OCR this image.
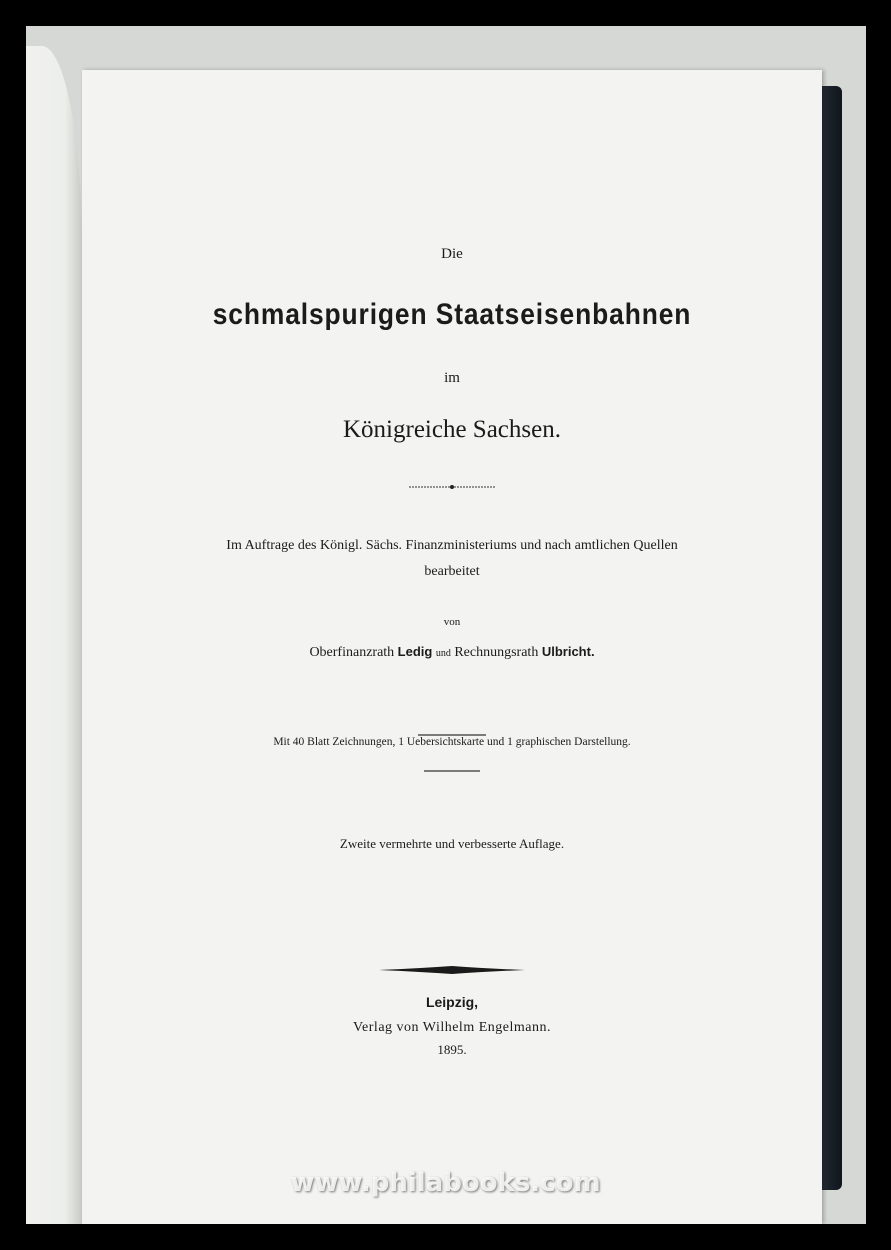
Die
schmalspurigen Staatseisenbahnen
im
Königreiche Sachsen.
Im Auftrage des Königl. Sächs. Finanzministeriums und nach amtlichen Quellen
bearbeitet
von
Oberfinanzrath Ledig und Rechnungsrath Ulbricht.
Mit 40 Blatt Zeichnungen, 1 Uebersichtskarte und 1 graphischen Darstellung.
Zweite vermehrte und verbesserte Auflage.
Leipzig,
Verlag von Wilhelm Engelmann.
1895.
www.philabooks.com
